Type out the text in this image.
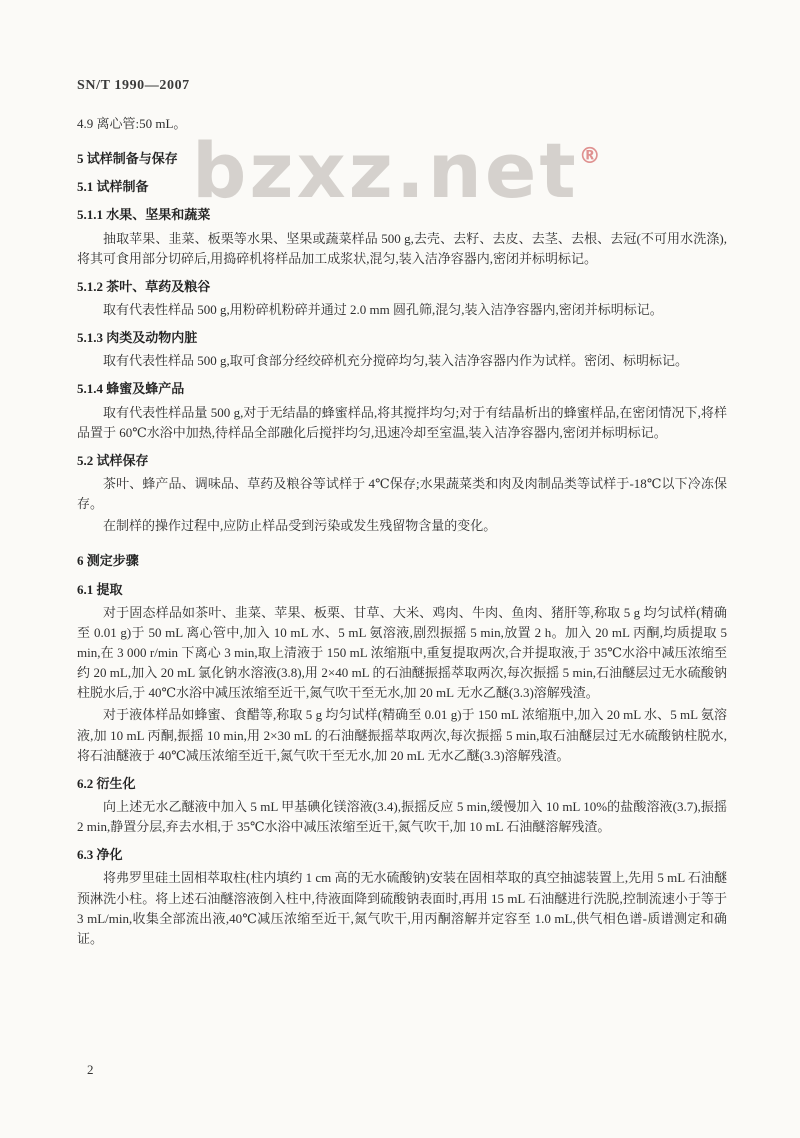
SN/T 1990—2007
bzxz.net®
4.9 离心管:50 mL。
5 试样制备与保存
5.1 试样制备
5.1.1 水果、坚果和蔬菜

抽取苹果、韭菜、板栗等水果、坚果或蔬菜样品 500 g,去壳、去籽、去皮、去茎、去根、去冠(不可用水洗涤),将其可食用部分切碎后,用捣碎机将样品加工成浆状,混匀,装入洁净容器内,密闭并标明标记。

5.1.2 茶叶、草药及粮谷

取有代表性样品 500 g,用粉碎机粉碎并通过 2.0 mm 圆孔筛,混匀,装入洁净容器内,密闭并标明标记。

5.1.3 肉类及动物内脏

取有代表性样品 500 g,取可食部分经绞碎机充分搅碎均匀,装入洁净容器内作为试样。密闭、标明标记。

5.1.4 蜂蜜及蜂产品

取有代表性样品量 500 g,对于无结晶的蜂蜜样品,将其搅拌均匀;对于有结晶析出的蜂蜜样品,在密闭情况下,将样品置于 60℃水浴中加热,待样品全部融化后搅拌均匀,迅速冷却至室温,装入洁净容器内,密闭并标明标记。

5.2 试样保存

茶叶、蜂产品、调味品、草药及粮谷等试样于 4℃保存;水果蔬菜类和肉及肉制品类等试样于-18℃以下冷冻保存。

在制样的操作过程中,应防止样品受到污染或发生残留物含量的变化。

6 测定步骤
6.1 提取

对于固态样品如茶叶、韭菜、苹果、板栗、甘草、大米、鸡肉、牛肉、鱼肉、猪肝等,称取 5 g 均匀试样(精确至 0.01 g)于 50 mL 离心管中,加入 10 mL 水、5 mL 氨溶液,剧烈振摇 5 min,放置 2 h。加入 20 mL 丙酮,均质提取 5 min,在 3 000 r/min 下离心 3 min,取上清液于 150 mL 浓缩瓶中,重复提取两次,合并提取液,于 35℃水浴中减压浓缩至约 20 mL,加入 20 mL 氯化钠水溶液(3.8),用 2×40 mL 的石油醚振摇萃取两次,每次振摇 5 min,石油醚层过无水硫酸钠柱脱水后,于 40℃水浴中减压浓缩至近干,氮气吹干至无水,加 20 mL 无水乙醚(3.3)溶解残渣。

对于液体样品如蜂蜜、食醋等,称取 5 g 均匀试样(精确至 0.01 g)于 150 mL 浓缩瓶中,加入 20 mL 水、5 mL 氨溶液,加 10 mL 丙酮,振摇 10 min,用 2×30 mL 的石油醚振摇萃取两次,每次振摇 5 min,取石油醚层过无水硫酸钠柱脱水,将石油醚液于 40℃减压浓缩至近干,氮气吹干至无水,加 20 mL 无水乙醚(3.3)溶解残渣。

6.2 衍生化

向上述无水乙醚液中加入 5 mL 甲基碘化镁溶液(3.4),振摇反应 5 min,缓慢加入 10 mL 10%的盐酸溶液(3.7),振摇 2 min,静置分层,弃去水相,于 35℃水浴中减压浓缩至近干,氮气吹干,加 10 mL 石油醚溶解残渣。

6.3 净化

将弗罗里硅土固相萃取柱(柱内填约 1 cm 高的无水硫酸钠)安装在固相萃取的真空抽滤装置上,先用 5 mL 石油醚预淋洗小柱。将上述石油醚溶液倒入柱中,待液面降到硫酸钠表面时,再用 15 mL 石油醚进行洗脱,控制流速小于等于 3 mL/min,收集全部流出液,40℃减压浓缩至近干,氮气吹干,用丙酮溶解并定容至 1.0 mL,供气相色谱-质谱测定和确证。

2
